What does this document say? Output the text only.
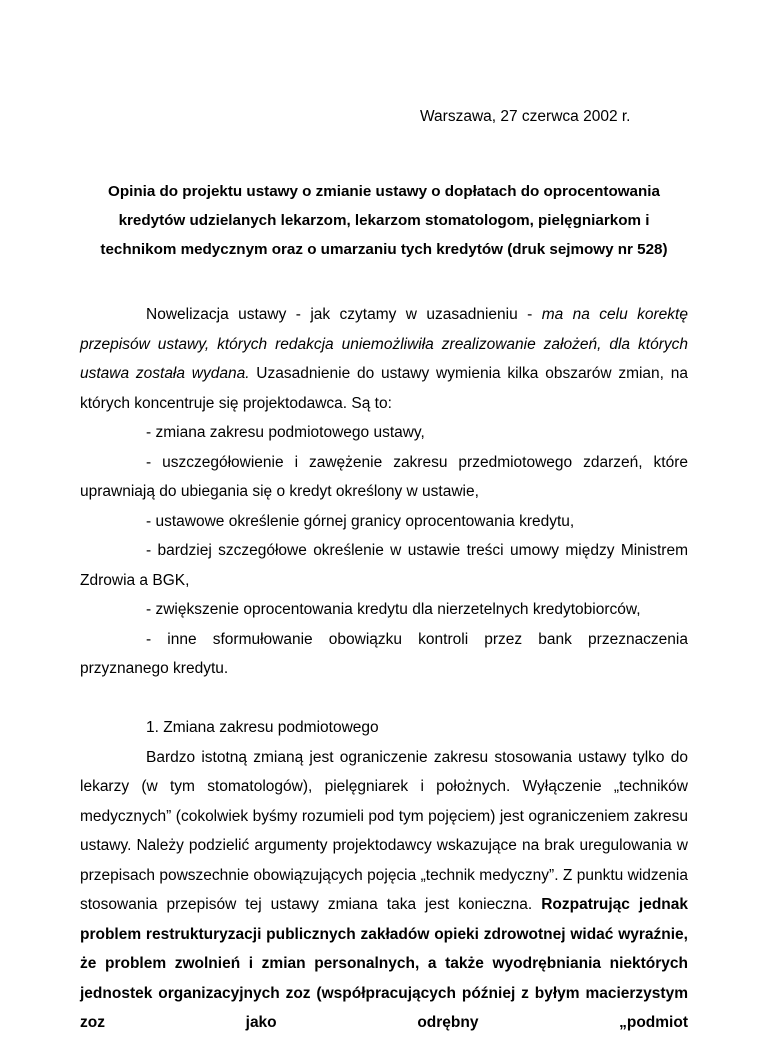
Warszawa, 27 czerwca 2002 r.
Opinia do projektu ustawy o zmianie ustawy o dopłatach do oprocentowania
kredytów udzielanych lekarzom, lekarzom stomatologom, pielęgniarkom i
technikom medycznym oraz o umarzaniu tych kredytów (druk sejmowy nr 528)

Nowelizacja ustawy - jak czytamy w uzasadnieniu - ma na celu korektę przepisów ustawy, których redakcja uniemożliwiła zrealizowanie założeń, dla których ustawa została wydana. Uzasadnienie do ustawy wymienia kilka obszarów zmian, na których koncentruje się projektodawca. Są to:

- zmiana zakresu podmiotowego ustawy,

- uszczegółowienie i zawężenie zakresu przedmiotowego zdarzeń, które uprawniają do ubiegania się o kredyt określony w ustawie,

- ustawowe określenie górnej granicy oprocentowania kredytu,

- bardziej szczegółowe określenie w ustawie treści umowy między Ministrem Zdrowia a BGK,

- zwiększenie oprocentowania kredytu dla nierzetelnych kredytobiorców,

- inne sformułowanie obowiązku kontroli przez bank przeznaczenia przyznanego kredytu.

1. Zmiana zakresu podmiotowego

Bardzo istotną zmianą jest ograniczenie zakresu stosowania ustawy tylko do lekarzy (w tym stomatologów), pielęgniarek i położnych. Wyłączenie „techników medycznych” (cokolwiek byśmy rozumieli pod tym pojęciem) jest ograniczeniem zakresu ustawy. Należy podzielić argumenty projektodawcy wskazujące na brak uregulowania w przepisach powszechnie obowiązujących pojęcia „technik medyczny”. Z punktu widzenia stosowania przepisów tej ustawy zmiana taka jest konieczna. Rozpatrując jednak problem restrukturyzacji publicznych zakładów opieki zdrowotnej widać wyraźnie, że problem zwolnień i zmian personalnych, a także wyodrębniania niektórych jednostek organizacyjnych zoz (współpracujących później z byłym macierzystym zoz jako odrębny „podmiot
